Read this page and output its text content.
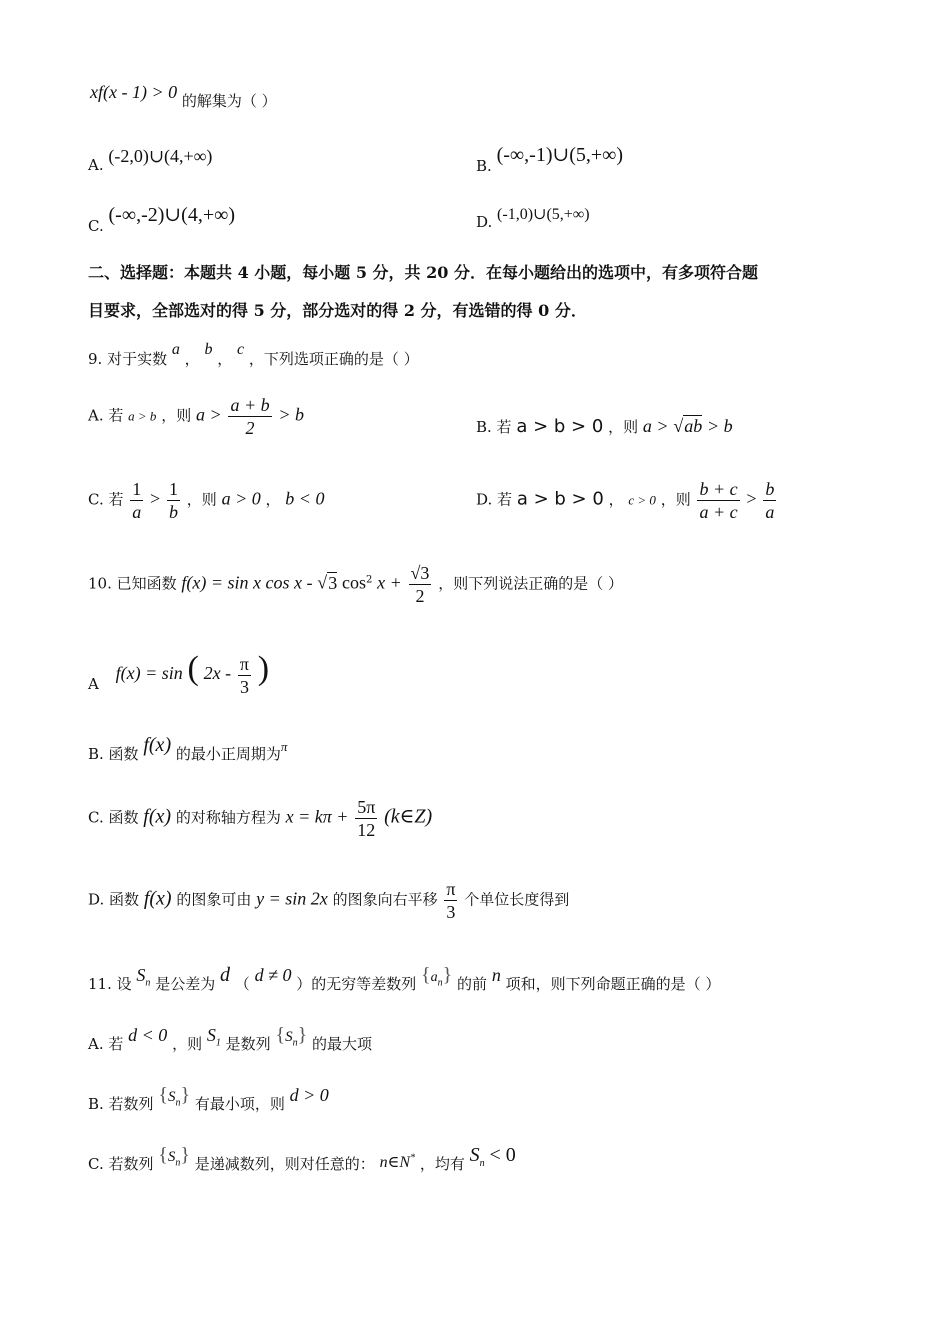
xf(x - 1) > 0 的解集为（ ）
A. (-2,0)∪(4,+∞)	B. (-∞,-1)∪(5,+∞)
C. (-∞,-2)∪(4,+∞)	D. (-1,0)∪(5,+∞)
二、选择题：本题共 4 小题，每小题 5 分，共 20 分．在每小题给出的选项中，有多项符合题
目要求，全部选对的得 5 分，部分选对的得 2 分，有选错的得 0 分．
9. 对于实数 a ， b ， c ，下列选项正确的是（ ）
A. 若 a > b ，则 $a > \frac{a + b}{2} > b$
B. 若 a > b > 0 ，则 a > √ab > b
C. 若 $\frac{1}{a} > \frac{1}{b}$ ，则 a > 0 ， b < 0	D. 若 a > b > 0 ， c > 0 ，则 $\frac{b + c}{a + c} > \frac{b}{a}$
10. 已知函数 f(x) = sin x cos x - √3 $\cos^2 x + \frac{√3}{2}$ ，则下列说法正确的是（ ）
A f(x) = sin ( $2x - \frac{\pi}{3}$ )
B. 函数 f(x) 的最小正周期为π
C. 函数 f(x) 的对称轴方程为 $x = k\pi + \frac{5\pi}{12}$ (k∈Z)
D. 函数 f(x) 的图象可由 y = sin 2x 的图象向右平移 $\frac{\pi}{3}$ 个单位长度得到
11. 设 $S_n$ 是公差为 d （ d ≠ 0 ）的无穷等差数列 $\{a_n\}$ 的前 n 项和，则下列命题正确的是（ ）
A. 若 d < 0 ，则 $S_1$ 是数列 $\{S_n\}$ 的最大项
B. 若数列 $\{S_n\}$ 有最小项，则 d > 0
C. 若数列 $\{S_n\}$ 是递减数列，则对任意的： n∈N* ，均有 $S_n < 0$
